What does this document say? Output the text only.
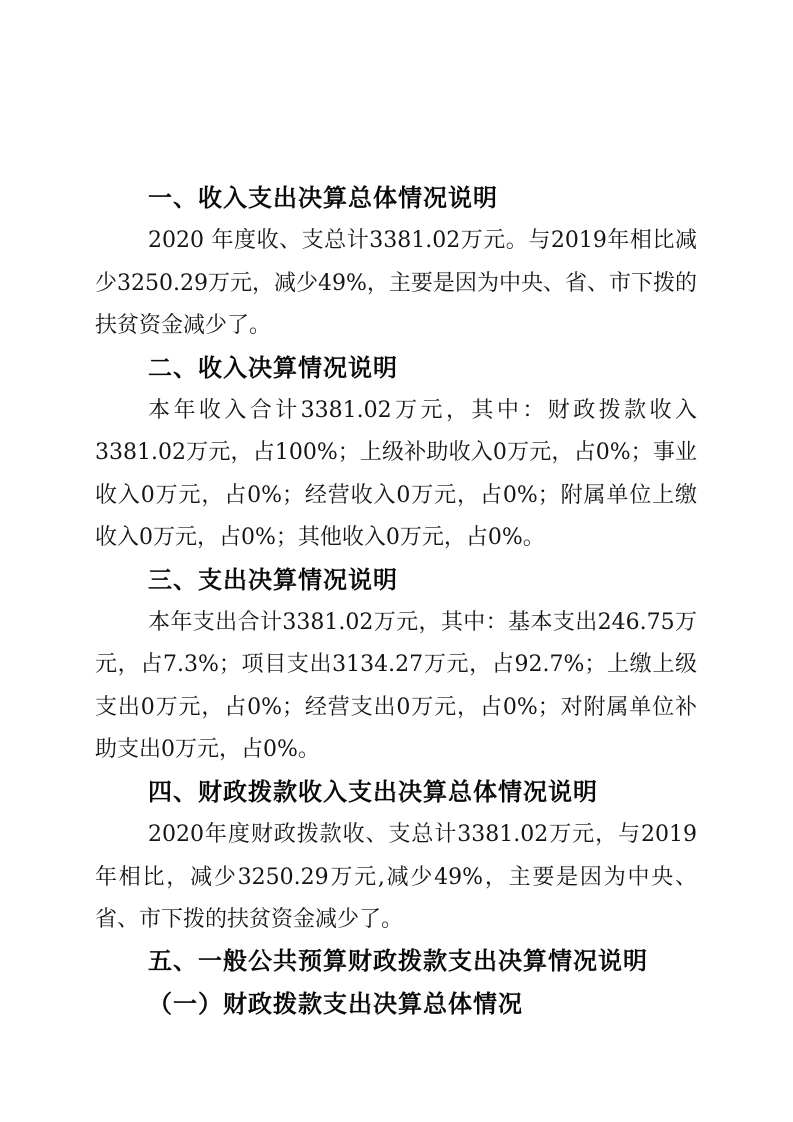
一、收入支出决算总体情况说明

2020 年度收、支总计3381.02万元。与2019年相比减少3250.29万元，减少49%，主要是因为中央、省、市下拨的扶贫资金减少了。

二、收入决算情况说明

本年收入合计3381.02万元，其中：财政拨款收入3381.02万元，占100%；上级补助收入0万元，占0%；事业收入0万元，占0%；经营收入0万元，占0%；附属单位上缴收入0万元，占0%；其他收入0万元，占0%。

三、支出决算情况说明

本年支出合计3381.02万元，其中：基本支出246.75万元，占7.3%；项目支出3134.27万元，占92.7%；上缴上级支出0万元，占0%；经营支出0万元，占0%；对附属单位补助支出0万元，占0%。

四、财政拨款收入支出决算总体情况说明

2020年度财政拨款收、支总计3381.02万元，与2019年相比，减少3250.29万元,减少49%，主要是因为中央、省、市下拨的扶贫资金减少了。

五、一般公共预算财政拨款支出决算情况说明
（一）财政拨款支出决算总体情况
